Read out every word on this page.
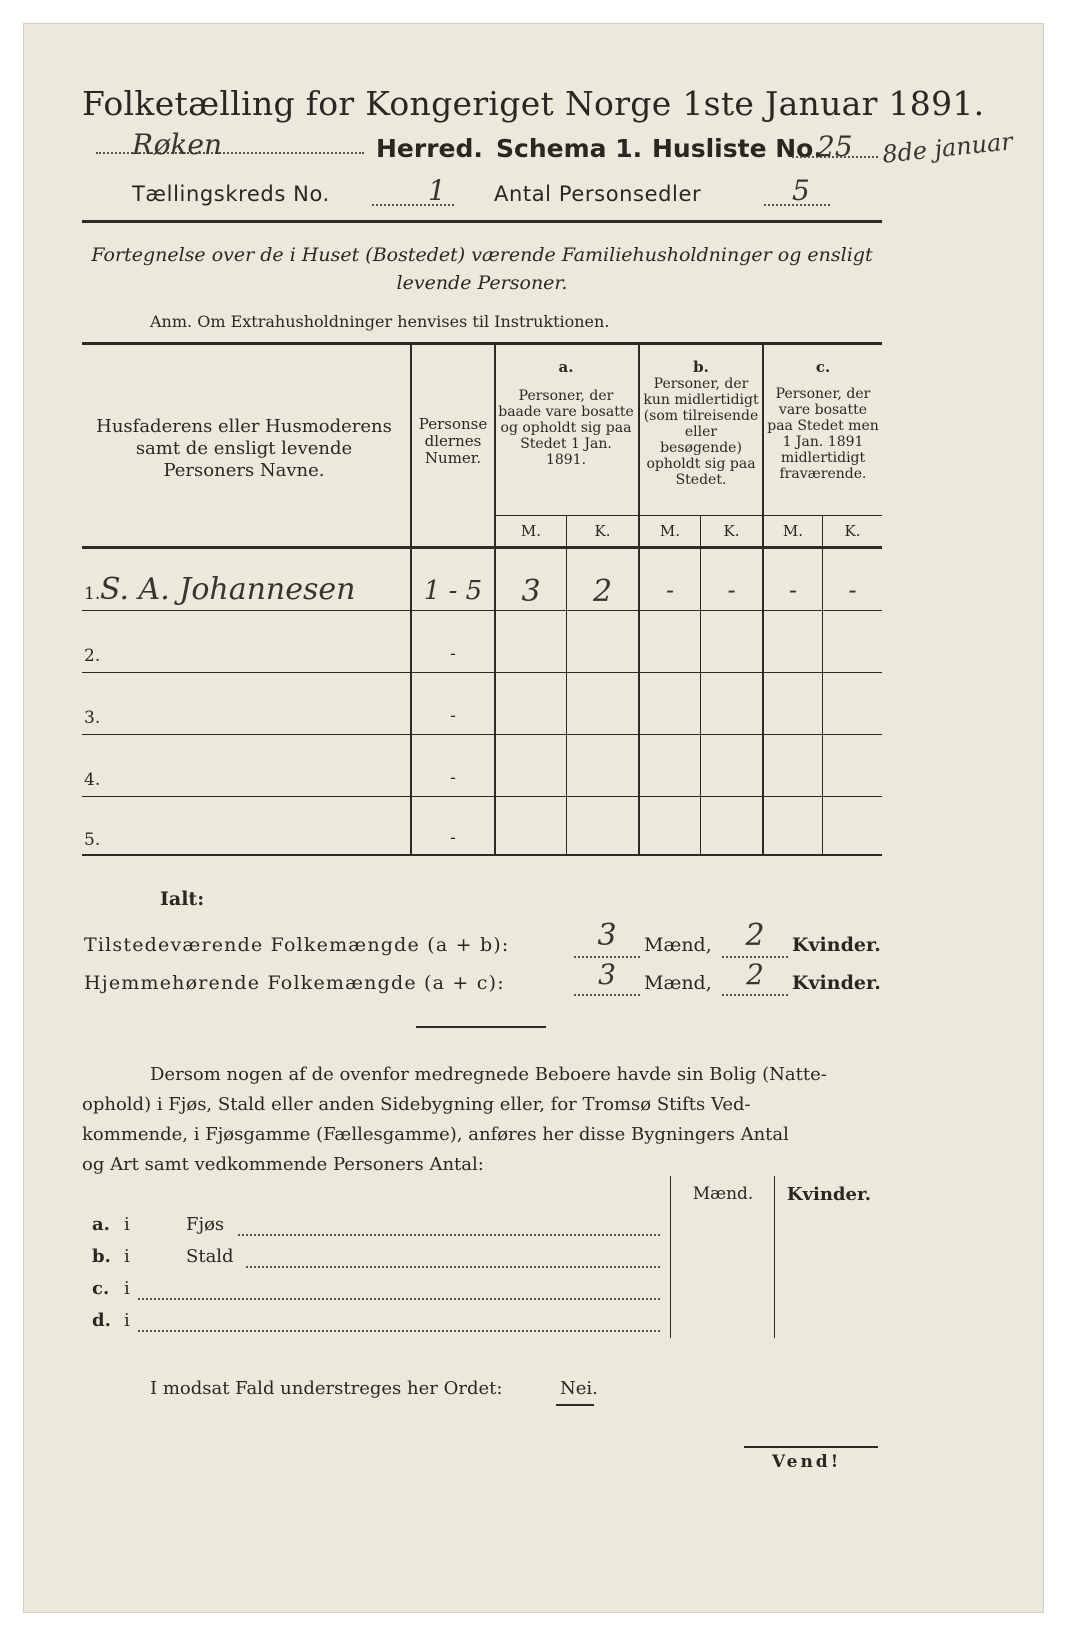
Folketælling for Kongeriget Norge 1ste Januar 1891.
Røken	Herred. Schema 1. Husliste No.
25 8de januar
Tællingskreds No.	1 Antal Personsedler	5
Fortegnelse over de i Huset (Bostedet) værende Familiehusholdninger og ensligt
levende Personer.
Anm. Om Extrahusholdninger henvises til Instruktionen.
Husfaderens eller Husmoderens samt de ensligt levende Personers Navne.
Personsedlernes Numer.
a.
Personer, der baade vare bosatte og opholdt sig paa Stedet 1 Jan. 1891.
b.
Personer, der kun midlertidigt (som tilreisende eller besøgende) opholdt sig paa Stedet.
c.
Personer, der vare bosatte paa Stedet men 1 Jan. 1891 midlertidigt fraværende.
M.	K.	M.	K.	M.	K.
1. S. A. Johannesen	1 - 5	3	2	-	-	-	-
2.	-
3.	-
4.	-
5.	-
Ialt:
Tilstedeværende Folkemængde (a + b):	3	Mænd,	2	Kvinder.
Hjemmehørende Folkemængde (a + c):	3	Mænd,	2	Kvinder.
Dersom nogen af de ovenfor medregnede Beboere havde sin Bolig (Natte-
ophold) i Fjøs, Stald eller anden Sidebygning eller, for Tromsø Stifts Ved-
kommende, i Fjøsgamme (Fællesgamme), anføres her disse Bygningers Antal
og Art samt vedkommende Personers Antal:
Mænd.	Kvinder.
a. i	Fjøs
b. i	Stald
c. i
d. i
I modsat Fald understreges her Ordet:	Nei.
Vend!
